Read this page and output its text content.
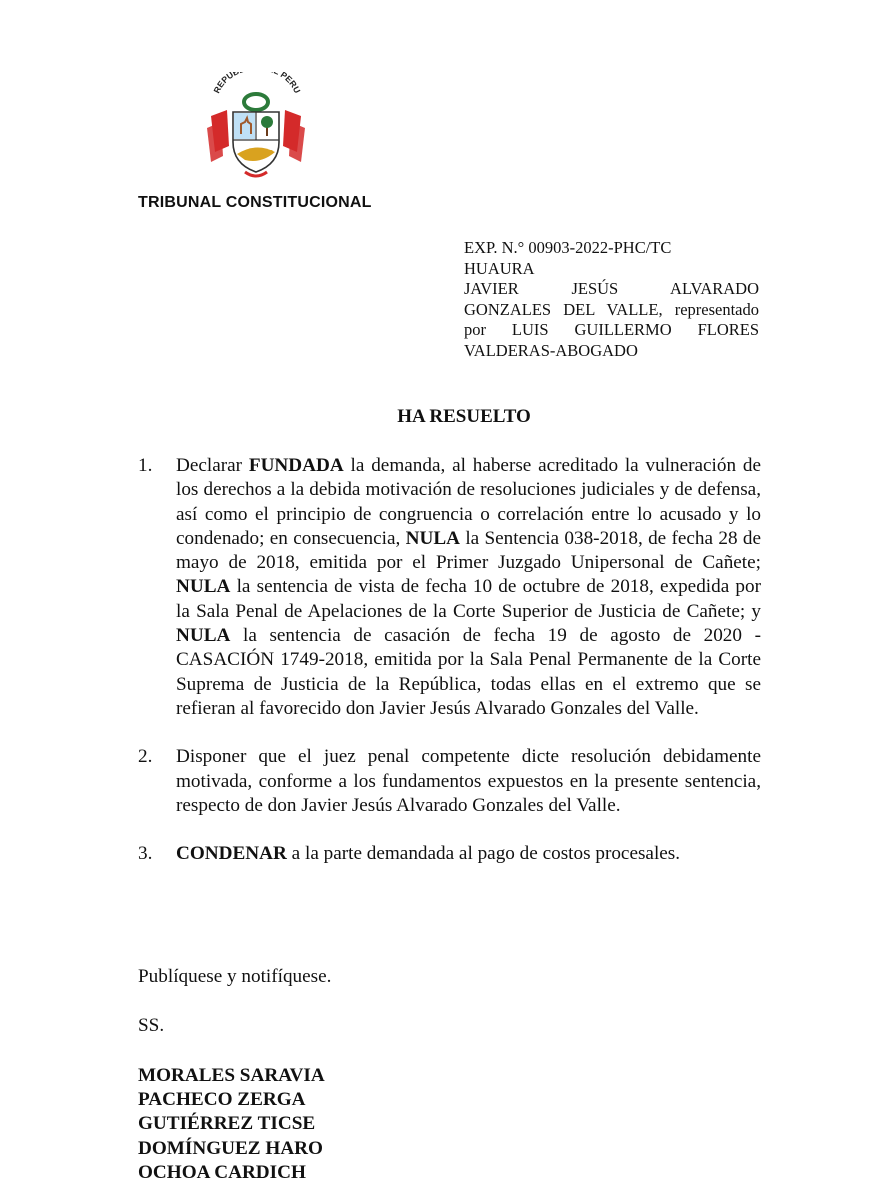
REPU PERU
TRIBUNAL CONSTITUCIONAL
EXP. N.° 00903-2022-PHC/TC
HUAURA
JAVIER JESÚS ALVARADO
GONZALES DEL VALLE, representado
por LUIS GUILLERMO FLORES
VALDERAS-ABOGADO
HA RESUELTO
1. Declarar FUNDADA la demanda, al haberse acreditado la vulneración de los derechos a la debida motivación de resoluciones judiciales y de defensa, así como el principio de congruencia o correlación entre lo acusado y lo condenado; en consecuencia, NULA la Sentencia 038-2018, de fecha 28 de mayo de 2018, emitida por el Primer Juzgado Unipersonal de Cañete; NULA la sentencia de vista de fecha 10 de octubre de 2018, expedida por la Sala Penal de Apelaciones de la Corte Superior de Justicia de Cañete; y NULA la sentencia de casación de fecha 19 de agosto de 2020 - CASACIÓN 1749-2018, emitida por la Sala Penal Permanente de la Corte Suprema de Justicia de la República, todas ellas en el extremo que se refieran al favorecido don Javier Jesús Alvarado Gonzales del Valle.
2. Disponer que el juez penal competente dicte resolución debidamente motivada, conforme a los fundamentos expuestos en la presente sentencia, respecto de don Javier Jesús Alvarado Gonzales del Valle.
3. CONDENAR a la parte demandada al pago de costos procesales.
Publíquese y notifíquese.
SS.
MORALES SARAVIA
PACHECO ZERGA
GUTIÉRREZ TICSE
DOMÍNGUEZ HARO
OCHOA CARDICH
